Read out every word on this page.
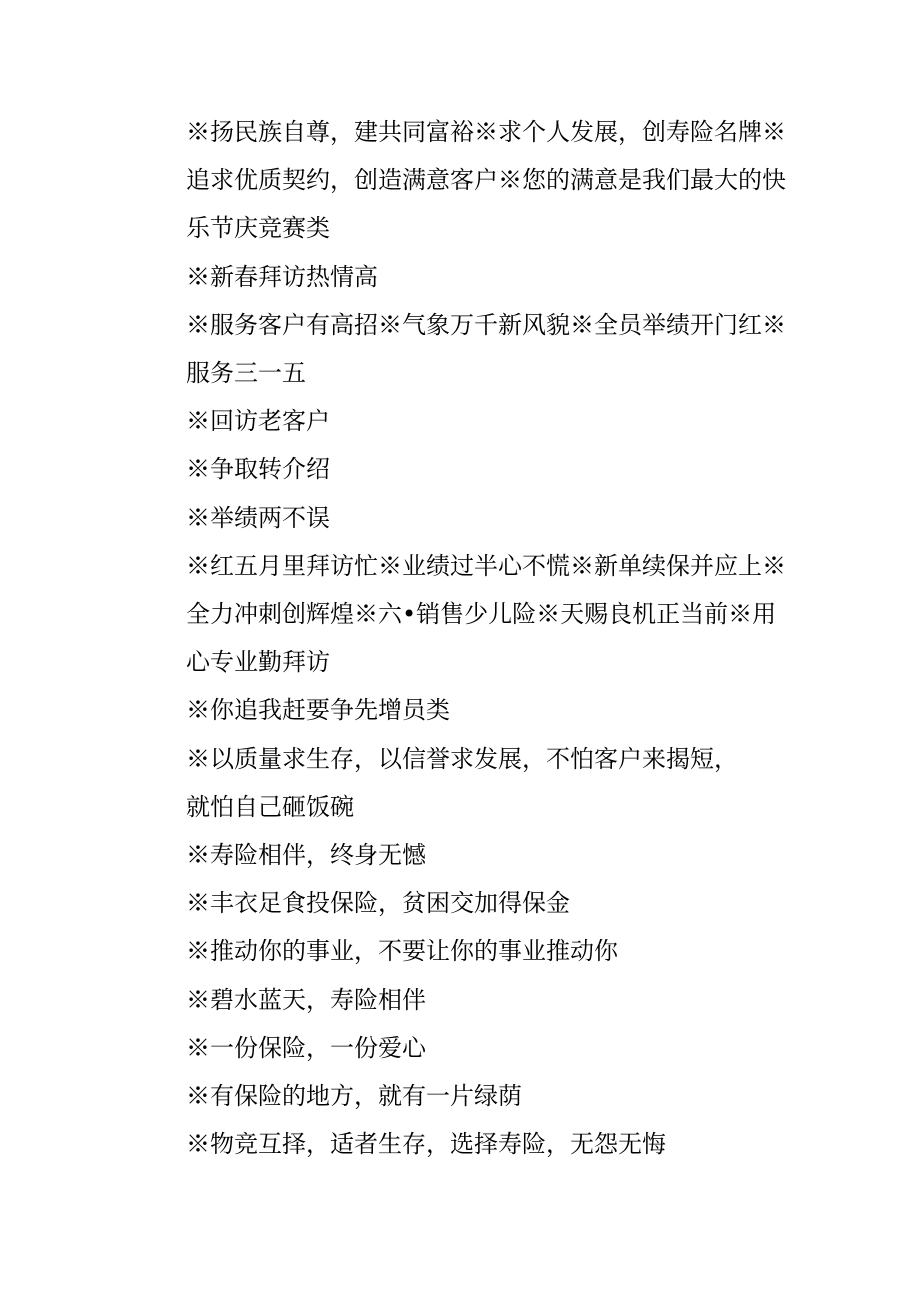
※扬民族自尊，建共同富裕※求个人发展，创寿险名牌※追求优质契约，创造满意客户※您的满意是我们最大的快乐节庆竞赛类

※新春拜访热情高

※服务客户有高招※气象万千新风貌※全员举绩开门红※服务三一五

※回访老客户

※争取转介绍

※举绩两不误

※红五月里拜访忙※业绩过半心不慌※新单续保并应上※全力冲刺创辉煌※六•销售少儿险※天赐良机正当前※用心专业勤拜访

※你追我赶要争先增员类

※以质量求生存，以信誉求发展，不怕客户来揭短，

就怕自己砸饭碗

※寿险相伴，终身无憾

※丰衣足食投保险，贫困交加得保金

※推动你的事业，不要让你的事业推动你

※碧水蓝天，寿险相伴

※一份保险，一份爱心

※有保险的地方，就有一片绿荫

※物竞互择，适者生存，选择寿险，无怨无悔
